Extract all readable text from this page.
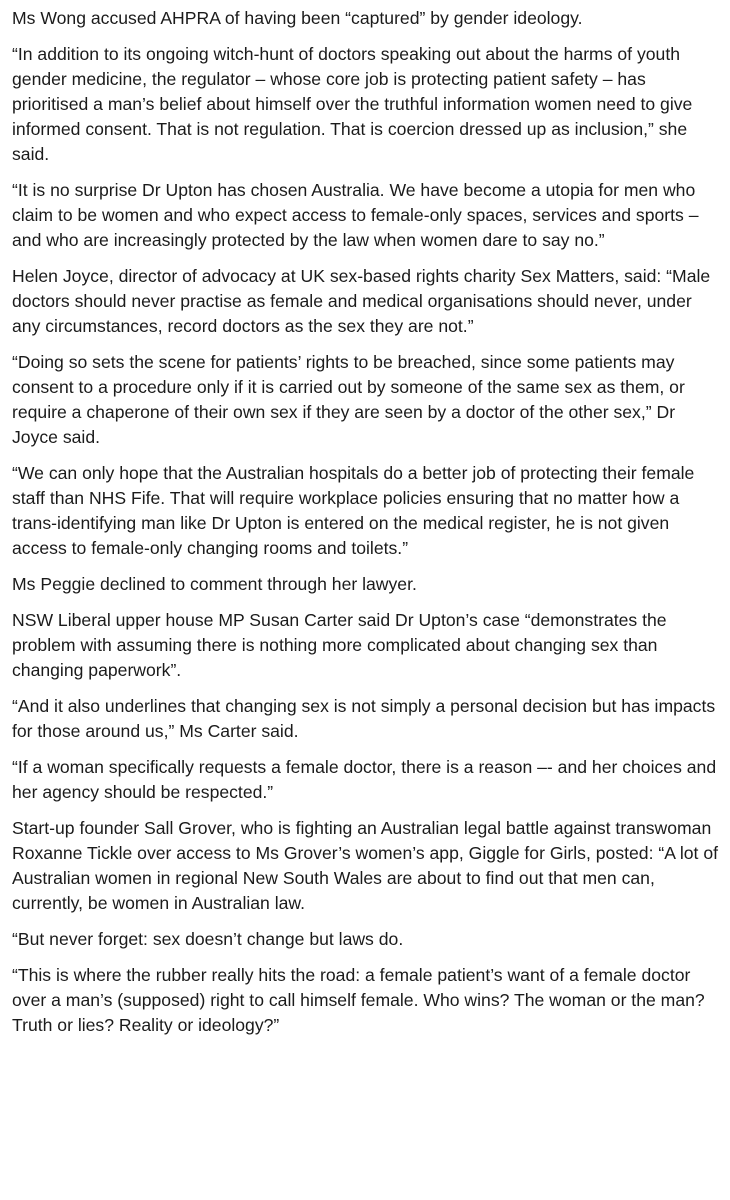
Ms Wong accused AHPRA of having been “captured” by gender ideology.

“In addition to its ongoing witch-hunt of doctors speaking out about the harms of youth gender medicine, the regulator – whose core job is protecting patient safety – has prioritised a man’s belief about himself over the truthful information women need to give informed consent. That is not regulation. That is coercion dressed up as inclusion,” she said.

“It is no surprise Dr Upton has chosen Australia. We have become a utopia for men who claim to be women and who expect access to female-only spaces, services and sports – and who are increasingly protected by the law when women dare to say no.”

Helen Joyce, director of advocacy at UK sex-based rights charity Sex Matters, said: “Male doctors should never practise as female and medical organisations should never, under any circumstances, record doctors as the sex they are not.”

“Doing so sets the scene for patients’ rights to be breached, since some patients may consent to a procedure only if it is carried out by someone of the same sex as them, or require a chaperone of their own sex if they are seen by a doctor of the other sex,” Dr Joyce said.

“We can only hope that the Australian hospitals do a better job of protecting their female staff than NHS Fife. That will require workplace policies ensuring that no matter how a trans-identifying man like Dr Upton is entered on the medical register, he is not given access to female-only changing rooms and toilets.”

Ms Peggie declined to comment through her lawyer.

NSW Liberal upper house MP Susan Carter said Dr Upton’s case “demonstrates the problem with assuming there is nothing more complicated about changing sex than changing paperwork”.

“And it also underlines that changing sex is not simply a personal decision but has impacts for those around us,” Ms Carter said.

“If a woman specifically requests a female doctor, there is a reason –- and her choices and her agency should be respected.”

Start-up founder Sall Grover, who is fighting an Australian legal battle against transwoman Roxanne Tickle over access to Ms Grover’s women’s app, Giggle for Girls, posted: “A lot of Australian women in regional New South Wales are about to find out that men can, currently, be women in Australian law.

“But never forget: sex doesn’t change but laws do.

“This is where the rubber really hits the road: a female patient’s want of a female doctor over a man’s (supposed) right to call himself female. Who wins? The woman or the man? Truth or lies? Reality or ideology?”
